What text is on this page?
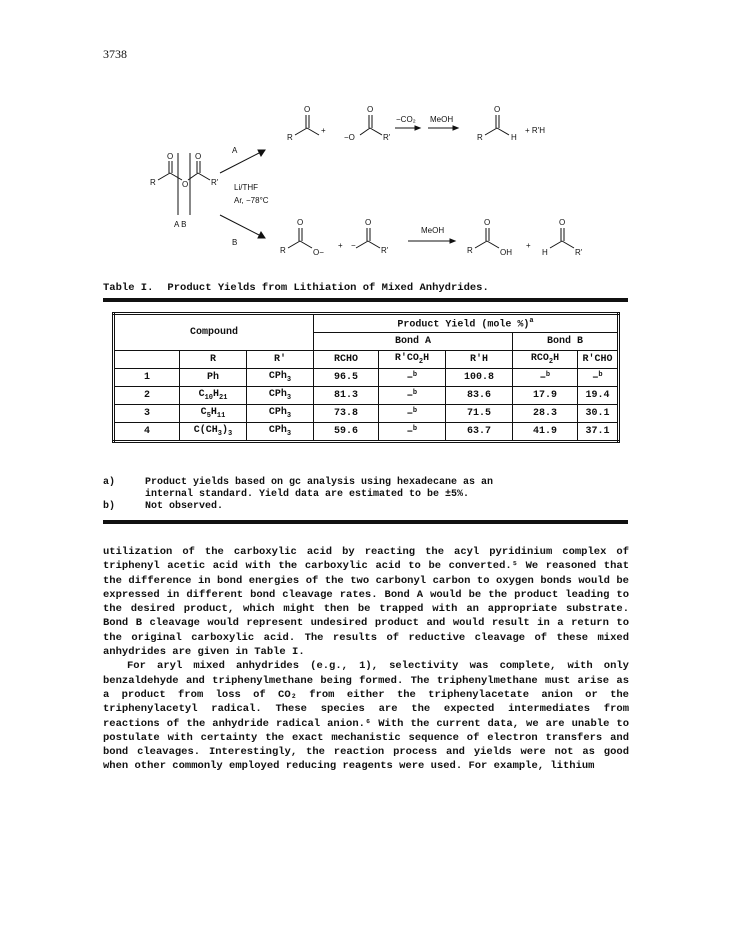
3738
O	O
R	O	R'
A B
A
Li/THF
Ar, −78°C
B
O
R
+
O
−O	R'
−CO₂ MeOH
O
R	H
+ R'H
O
R	O−
+
O
−
R'
MeOH
O
R	OH
+
O
H	R'
Table I. Product Yields from Lithiation of Mixed Anhydrides.
Compound			Product Yield (mole %)$^a$
			Bond A			Bond B	
	R	R'	RCHO	$R'CO_2H$	R'H	$RCO_2H$	R'CHO
1	Ph	CPh$_3$	96.5	−$^b$	100.8	−$^b$	−$^b$
2	$C_{10}H_{21}$	CPh$_3$	81.3	−$^b$	83.6	17.9	19.4
3	$C_5H_{11}$	CPh$_3$	73.8	−$^b$	71.5	28.3	30.1
4	$C(CH_3)_3$	CPh$_3$	59.6	−$^b$	63.7	41.9	37.1
a)	Product yields based on gc analysis using hexadecane as an
internal standard. Yield data are estimated to be ±5%.
b)	Not observed.

utilization of the carboxylic acid by reacting the acyl pyridinium complex of triphenyl acetic acid with the carboxylic acid to be converted.⁵ We reasoned that the difference in bond energies of the two carbonyl carbon to oxygen bonds would be expressed in different bond cleavage rates. Bond A would be the product leading to the desired product, which might then be trapped with an appropriate substrate. Bond B cleavage would represent undesired product and would result in a return to the original carboxylic acid. The results of reductive cleavage of these mixed anhydrides are given in Table I.

For aryl mixed anhydrides (e.g., 1), selectivity was complete, with only benzaldehyde and triphenylmethane being formed. The triphenylmethane must arise as a product from loss of CO₂ from either the triphenylacetate anion or the triphenylacetyl radical. These species are the expected intermediates from reactions of the anhydride radical anion.⁶ With the current data, we are unable to postulate with certainty the exact mechanistic sequence of electron transfers and bond cleavages. Interestingly, the reaction process and yields were not as good when other commonly employed reducing reagents were used. For example, lithium
